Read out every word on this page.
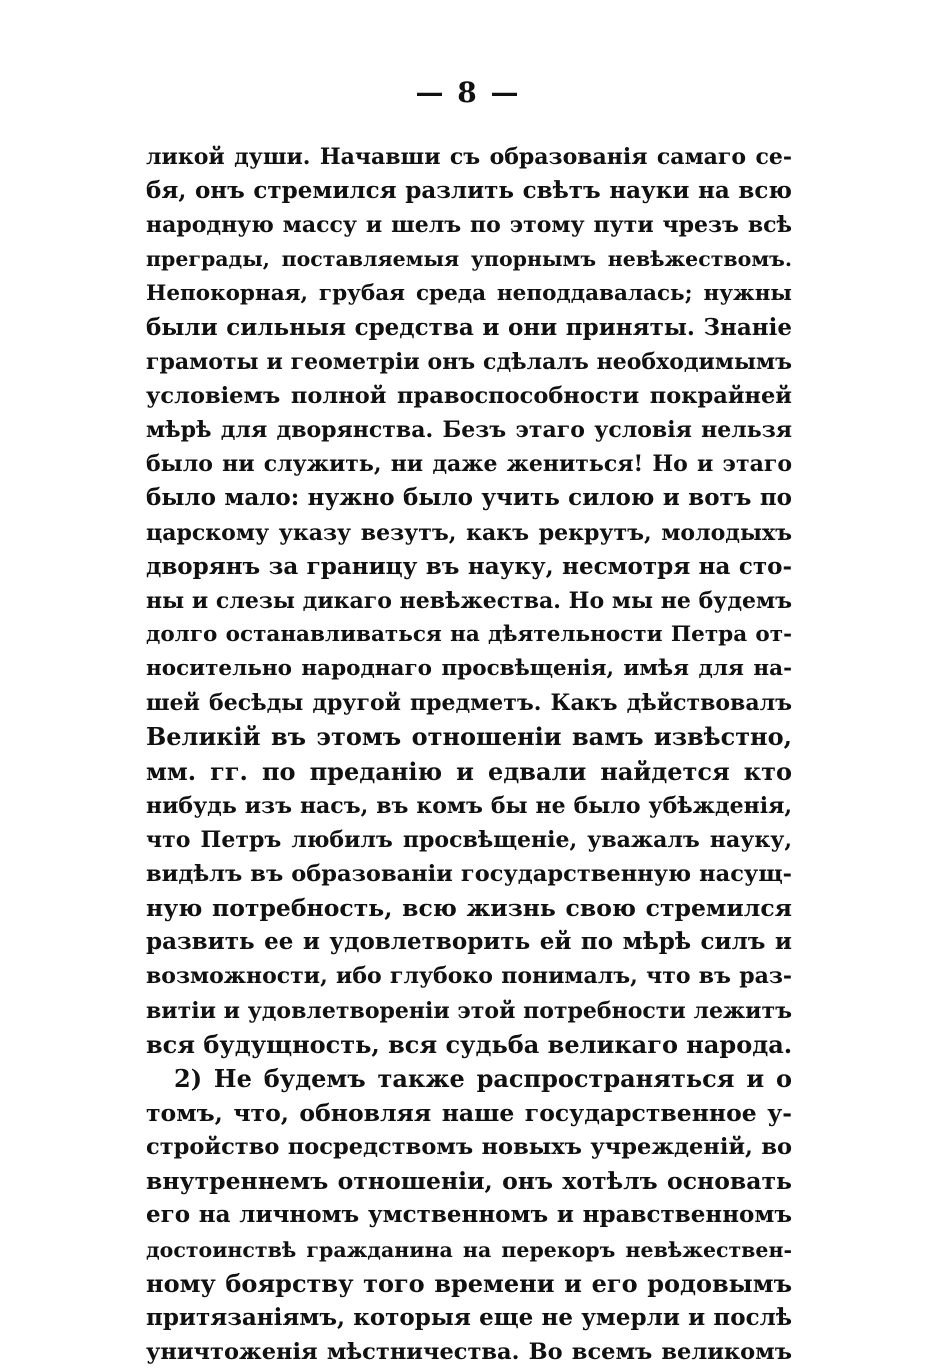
— 8 —
ликой души. Начавши съ образованія самаго се-
бя, онъ стремился разлить свѣтъ науки на всю
народную массу и шелъ по этому пути чрезъ всѣ
преграды, поставляемыя упорнымъ невѣжествомъ.
Непокорная, грубая среда неподдавалась; нужны
были сильныя средства и они приняты. Знаніе
грамоты и геометріи онъ сдѣлалъ необходимымъ
условіемъ полной правоспособности покрайней
мѣрѣ для дворянства. Безъ этаго условія нельзя
было ни служить, ни даже жениться! Но и этаго
было мало: нужно было учить силою и вотъ по
царскому указу везутъ, какъ рекрутъ, молодыхъ
дворянъ за границу въ науку, несмотря на сто-
ны и слезы дикаго невѣжества. Но мы не будемъ
долго останавливаться на дѣятельности Петра от-
носительно народнаго просвѣщенія, имѣя для на-
шей бесѣды другой предметъ. Какъ дѣйствовалъ
Великій въ этомъ отношеніи вамъ извѣстно,
мм. гг. по преданію и едвали найдется кто
нибудь изъ насъ, въ комъ бы не было убѣжденія,
что Петръ любилъ просвѣщеніе, уважалъ науку,
видѣлъ въ образованіи государственную насущ-
ную потребность, всю жизнь свою стремился
развить ее и удовлетворить ей по мѣрѣ силъ и
возможности, ибо глубоко понималъ, что въ раз-
витіи и удовлетвореніи этой потребности лежитъ
вся будущность, вся судьба великаго народа.
2) Не будемъ также распространяться и о
томъ, что, обновляя наше государственное у-
стройство посредствомъ новыхъ учрежденій, во
внутреннемъ отношеніи, онъ хотѣлъ основать
его на личномъ умственномъ и нравственномъ
достоинствѣ гражданина на перекоръ невѣжествен-
ному боярству того времени и его родовымъ
притязаніямъ, которыя еще не умерли и послѣ
уничтоженія мѣстничества. Во всемъ великомъ
